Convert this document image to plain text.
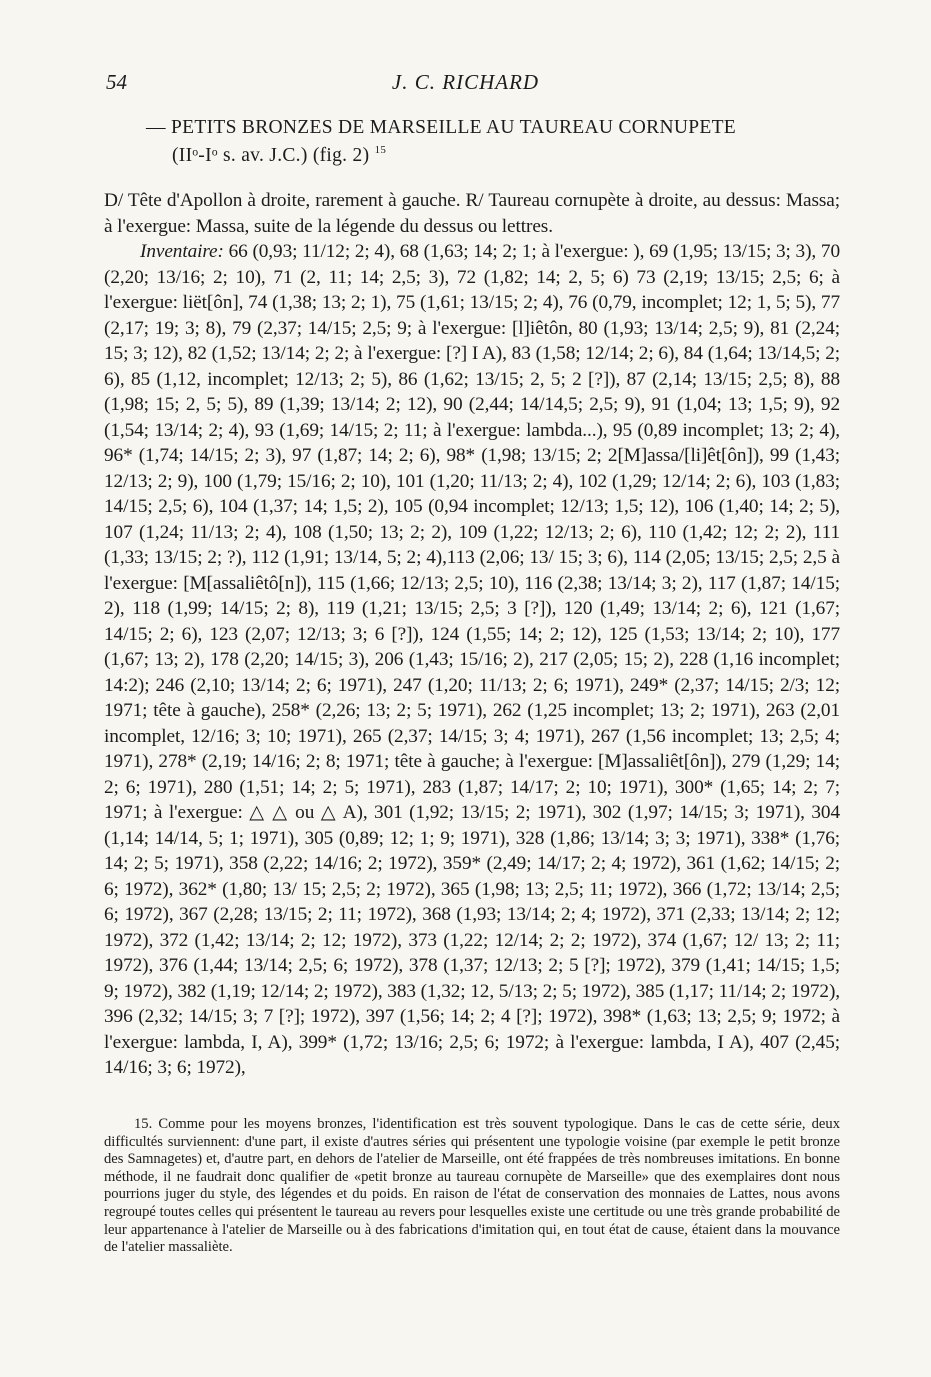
54	J. C. RICHARD
— PETITS BRONZES DE MARSEILLE AU TAUREAU CORNUPETE
(IIᵒ-Iᵒ s. av. J.C.) (fig. 2) $^{15}$

D/ Tête d'Apollon à droite, rarement à gauche. R/ Taureau cornupète à droite, au dessus: Massa; à l'exergue: Massa, suite de la légende du dessus ou lettres.

Inventaire: 66 (0,93; 11/12; 2; 4), 68 (1,63; 14; 2; 1; à l'exergue: ), 69 (1,95; 13/15; 3; 3), 70 (2,20; 13/16; 2; 10), 71 (2, 11; 14; 2,5; 3), 72 (1,82; 14; 2, 5; 6) 73 (2,19; 13/15; 2,5; 6; à l'exergue: liët[ôn], 74 (1,38; 13; 2; 1), 75 (1,61; 13/15; 2; 4), 76 (0,79, incomplet; 12; 1, 5; 5), 77 (2,17; 19; 3; 8), 79 (2,37; 14/15; 2,5; 9; à l'exergue: [l]iêtôn, 80 (1,93; 13/14; 2,5; 9), 81 (2,24; 15; 3; 12), 82 (1,52; 13/14; 2; 2; à l'exergue: [?] I A), 83 (1,58; 12/14; 2; 6), 84 (1,64; 13/14,5; 2; 6), 85 (1,12, incomplet; 12/13; 2; 5), 86 (1,62; 13/15; 2, 5; 2 [?]), 87 (2,14; 13/15; 2,5; 8), 88 (1,98; 15; 2, 5; 5), 89 (1,39; 13/14; 2; 12), 90 (2,44; 14/14,5; 2,5; 9), 91 (1,04; 13; 1,5; 9), 92 (1,54; 13/14; 2; 4), 93 (1,69; 14/15; 2; 11; à l'exergue: lambda...), 95 (0,89 incomplet; 13; 2; 4), 96* (1,74; 14/15; 2; 3), 97 (1,87; 14; 2; 6), 98* (1,98; 13/15; 2; 2[M]assa/[li]êt[ôn]), 99 (1,43; 12/13; 2; 9), 100 (1,79; 15/16; 2; 10), 101 (1,20; 11/13; 2; 4), 102 (1,29; 12/14; 2; 6), 103 (1,83; 14/15; 2,5; 6), 104 (1,37; 14; 1,5; 2), 105 (0,94 incomplet; 12/13; 1,5; 12), 106 (1,40; 14; 2; 5), 107 (1,24; 11/13; 2; 4), 108 (1,50; 13; 2; 2), 109 (1,22; 12/13; 2; 6), 110 (1,42; 12; 2; 2), 111 (1,33; 13/15; 2; ?), 112 (1,91; 13/14, 5; 2; 4),113 (2,06; 13/ 15; 3; 6), 114 (2,05; 13/15; 2,5; 2,5 à l'exergue: [M[assaliêtô[n]), 115 (1,66; 12/13; 2,5; 10), 116 (2,38; 13/14; 3; 2), 117 (1,87; 14/15; 2), 118 (1,99; 14/15; 2; 8), 119 (1,21; 13/15; 2,5; 3 [?]), 120 (1,49; 13/14; 2; 6), 121 (1,67; 14/15; 2; 6), 123 (2,07; 12/13; 3; 6 [?]), 124 (1,55; 14; 2; 12), 125 (1,53; 13/14; 2; 10), 177 (1,67; 13; 2), 178 (2,20; 14/15; 3), 206 (1,43; 15/16; 2), 217 (2,05; 15; 2), 228 (1,16 incomplet; 14:2); 246 (2,10; 13/14; 2; 6; 1971), 247 (1,20; 11/13; 2; 6; 1971), 249* (2,37; 14/15; 2/3; 12; 1971; tête à gauche), 258* (2,26; 13; 2; 5; 1971), 262 (1,25 incomplet; 13; 2; 1971), 263 (2,01 incomplet, 12/16; 3; 10; 1971), 265 (2,37; 14/15; 3; 4; 1971), 267 (1,56 incomplet; 13; 2,5; 4; 1971), 278* (2,19; 14/16; 2; 8; 1971; tête à gauche; à l'exergue: [M]assaliêt[ôn]), 279 (1,29; 14; 2; 6; 1971), 280 (1,51; 14; 2; 5; 1971), 283 (1,87; 14/17; 2; 10; 1971), 300* (1,65; 14; 2; 7; 1971; à l'exergue: △ △ ou △ A), 301 (1,92; 13/15; 2; 1971), 302 (1,97; 14/15; 3; 1971), 304 (1,14; 14/14, 5; 1; 1971), 305 (0,89; 12; 1; 9; 1971), 328 (1,86; 13/14; 3; 3; 1971), 338* (1,76; 14; 2; 5; 1971), 358 (2,22; 14/16; 2; 1972), 359* (2,49; 14/17; 2; 4; 1972), 361 (1,62; 14/15; 2; 6; 1972), 362* (1,80; 13/ 15; 2,5; 2; 1972), 365 (1,98; 13; 2,5; 11; 1972), 366 (1,72; 13/14; 2,5; 6; 1972), 367 (2,28; 13/15; 2; 11; 1972), 368 (1,93; 13/14; 2; 4; 1972), 371 (2,33; 13/14; 2; 12; 1972), 372 (1,42; 13/14; 2; 12; 1972), 373 (1,22; 12/14; 2; 2; 1972), 374 (1,67; 12/ 13; 2; 11; 1972), 376 (1,44; 13/14; 2,5; 6; 1972), 378 (1,37; 12/13; 2; 5 [?]; 1972), 379 (1,41; 14/15; 1,5; 9; 1972), 382 (1,19; 12/14; 2; 1972), 383 (1,32; 12, 5/13; 2; 5; 1972), 385 (1,17; 11/14; 2; 1972), 396 (2,32; 14/15; 3; 7 [?]; 1972), 397 (1,56; 14; 2; 4 [?]; 1972), 398* (1,63; 13; 2,5; 9; 1972; à l'exergue: lambda, I, A), 399* (1,72; 13/16; 2,5; 6; 1972; à l'exergue: lambda, I A), 407 (2,45; 14/16; 3; 6; 1972),

15. Comme pour les moyens bronzes, l'identification est très souvent typologique. Dans le cas de cette série, deux difficultés surviennent: d'une part, il existe d'autres séries qui présentent une typologie voisine (par exemple le petit bronze des Samnagetes) et, d'autre part, en dehors de l'atelier de Marseille, ont été frappées de très nombreuses imitations. En bonne méthode, il ne faudrait donc qualifier de «petit bronze au taureau cornupète de Marseille» que des exemplaires dont nous pourrions juger du style, des légendes et du poids. En raison de l'état de conservation des monnaies de Lattes, nous avons regroupé toutes celles qui présentent le taureau au revers pour lesquelles existe une certitude ou une très grande probabilité de leur appartenance à l'atelier de Marseille ou à des fabrications d'imitation qui, en tout état de cause, étaient dans la mouvance de l'atelier massaliète.
